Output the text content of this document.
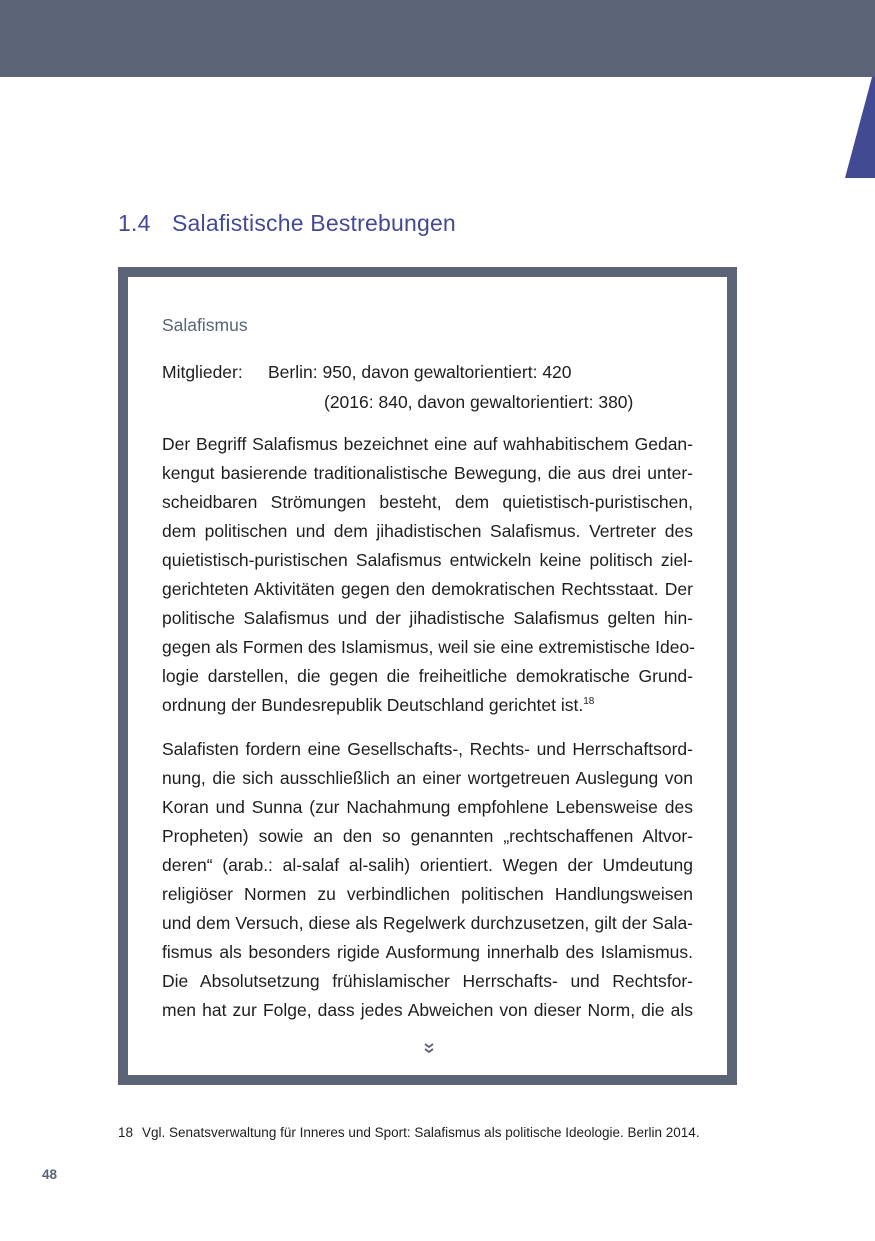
1.4 Salafistische Bestrebungen
Salafismus
Mitglieder: Berlin: 950, davon gewaltorientiert: 420
(2016: 840, davon gewaltorientiert: 380)
Der Begriff Salafismus bezeichnet eine auf wahhabitischem Gedan-
kengut basierende traditionalistische Bewegung, die aus drei unter-
scheidbaren Strömungen besteht, dem quietistisch-puristischen,
dem politischen und dem jihadistischen Salafismus. Vertreter des
quietistisch-puristischen Salafismus entwickeln keine politisch ziel-
gerichteten Aktivitäten gegen den demokratischen Rechtsstaat. Der
politische Salafismus und der jihadistische Salafismus gelten hin-
gegen als Formen des Islamismus, weil sie eine extremistische Ideo-
logie darstellen, die gegen die freiheitliche demokratische Grund-
ordnung der Bundesrepublik Deutschland gerichtet ist.$^{18}$
Salafisten fordern eine Gesellschafts-, Rechts- und Herrschaftsord-
nung, die sich ausschließlich an einer wortgetreuen Auslegung von
Koran und Sunna (zur Nachahmung empfohlene Lebensweise des
Propheten) sowie an den so genannten „rechtschaffenen Altvor-
deren“ (arab.: al-salaf al-salih) orientiert. Wegen der Umdeutung
religiöser Normen zu verbindlichen politischen Handlungsweisen
und dem Versuch, diese als Regelwerk durchzusetzen, gilt der Sala-
fismus als besonders rigide Ausformung innerhalb des Islamismus.
Die Absolutsetzung frühislamischer Herrschafts- und Rechtsfor-
men hat zur Folge, dass jedes Abweichen von dieser Norm, die als
18 Vgl. Senatsverwaltung für Inneres und Sport: Salafismus als politische Ideologie. Berlin 2014.
48
